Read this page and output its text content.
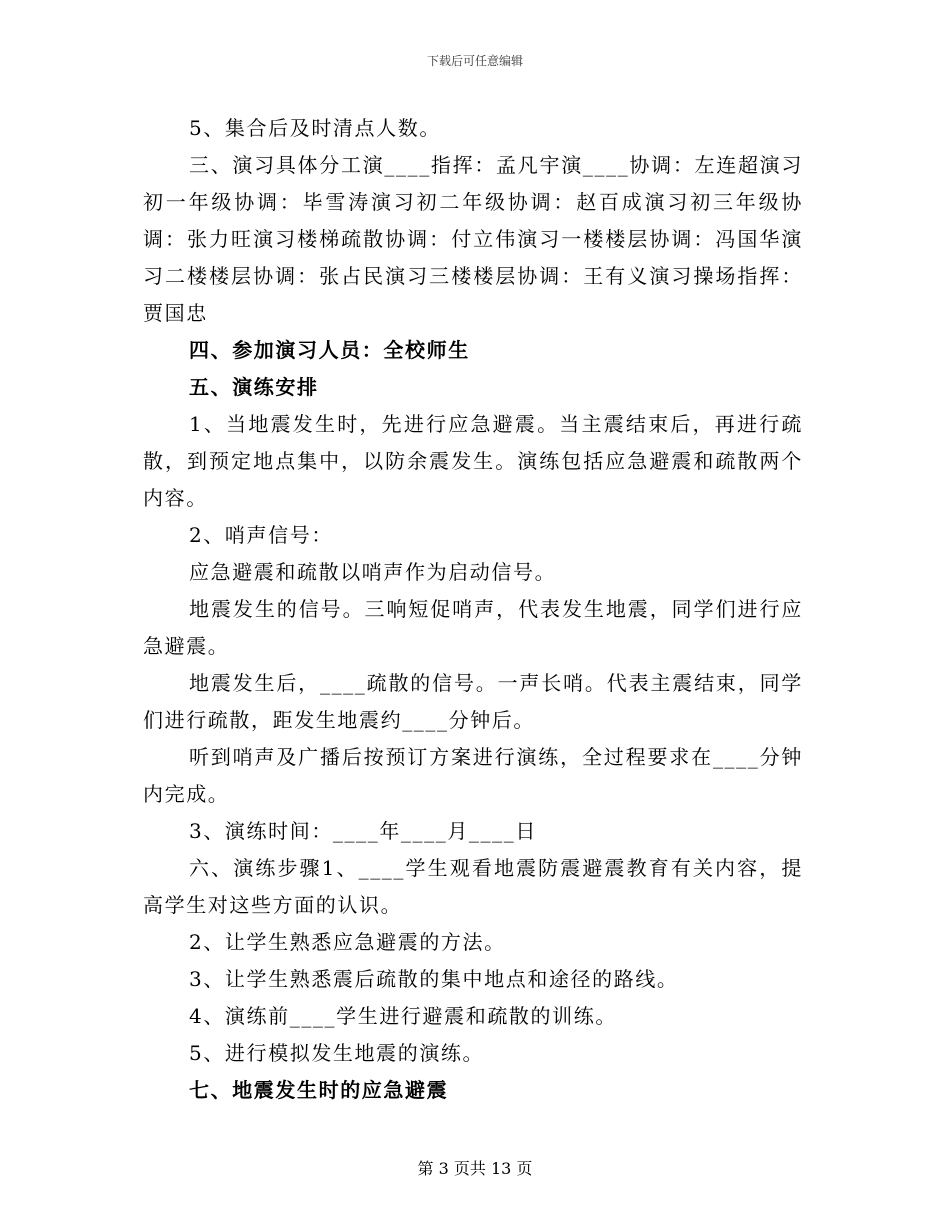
下载后可任意编辑

5、集合后及时清点人数。

三、演习具体分工演____指挥：孟凡宇演____协调：左连超演习初一年级协调：毕雪涛演习初二年级协调：赵百成演习初三年级协调：张力旺演习楼梯疏散协调：付立伟演习一楼楼层协调：冯国华演习二楼楼层协调：张占民演习三楼楼层协调：王有义演习操场指挥：贾国忠

四、参加演习人员：全校师生

五、演练安排

1、当地震发生时，先进行应急避震。当主震结束后，再进行疏散，到预定地点集中，以防余震发生。演练包括应急避震和疏散两个内容。

2、哨声信号：

应急避震和疏散以哨声作为启动信号。

地震发生的信号。三响短促哨声，代表发生地震，同学们进行应急避震。

地震发生后，____疏散的信号。一声长哨。代表主震结束，同学们进行疏散，距发生地震约____分钟后。

听到哨声及广播后按预订方案进行演练，全过程要求在____分钟内完成。

3、演练时间：____年____月____日

六、演练步骤1、____学生观看地震防震避震教育有关内容，提高学生对这些方面的认识。

2、让学生熟悉应急避震的方法。

3、让学生熟悉震后疏散的集中地点和途径的路线。

4、演练前____学生进行避震和疏散的训练。

5、进行模拟发生地震的演练。

七、地震发生时的应急避震

第 3 页共 13 页
